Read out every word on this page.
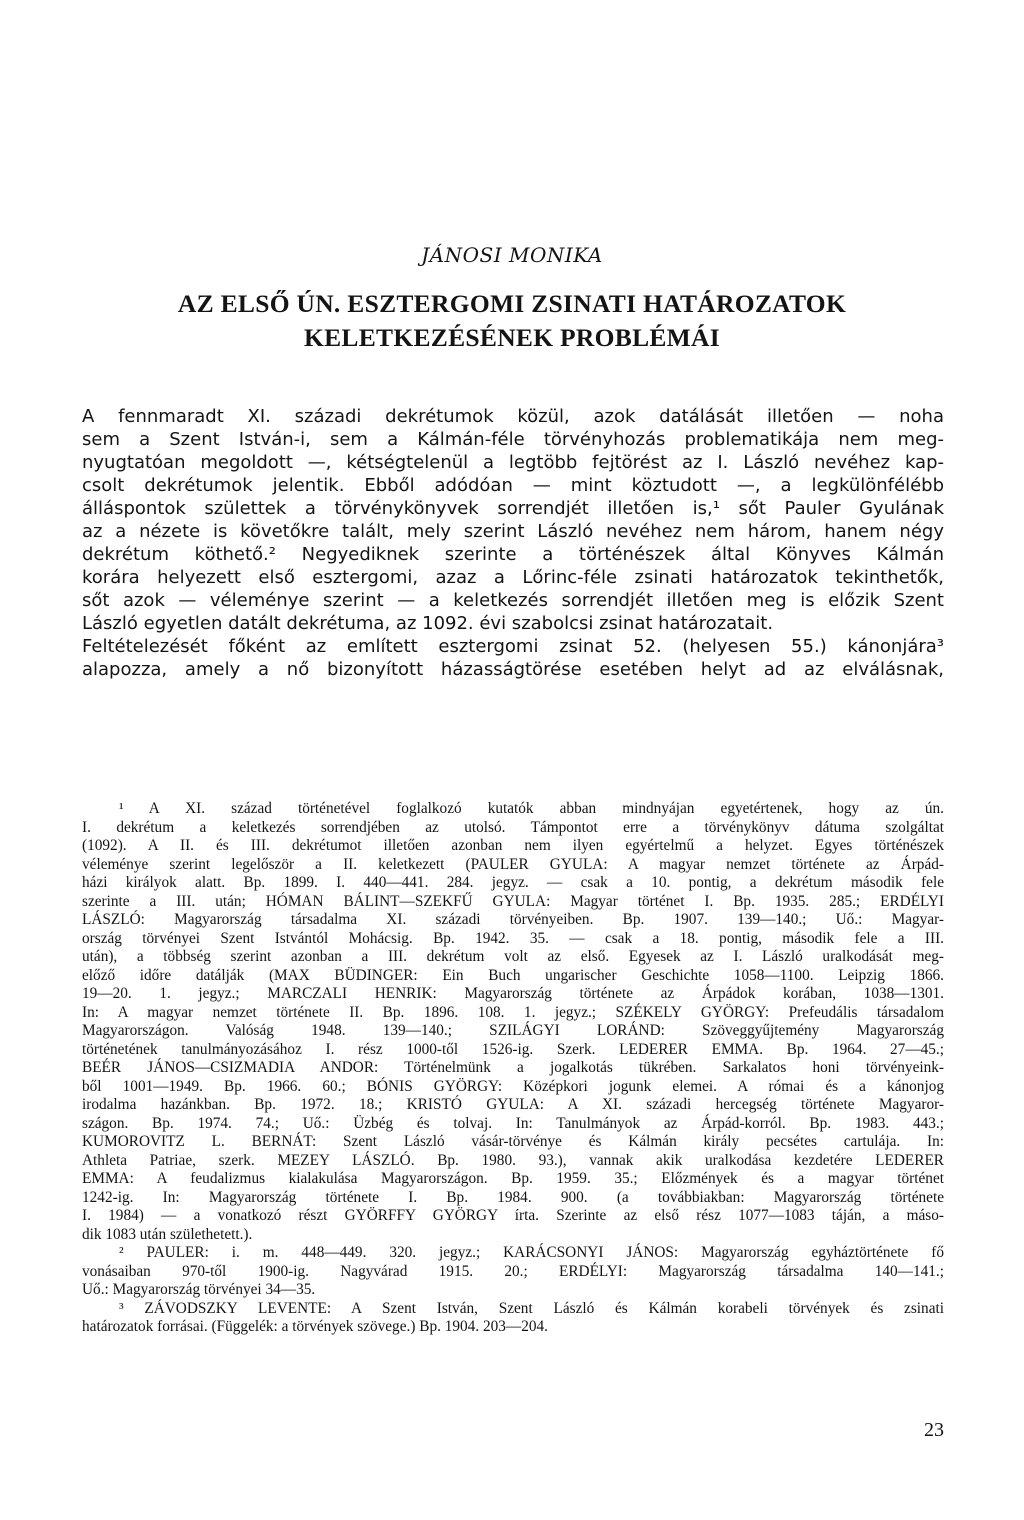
JÁNOSI MONIKA
AZ ELSŐ ÚN. ESZTERGOMI ZSINATI HATÁROZATOK
KELETKEZÉSÉNEK PROBLÉMÁI
A fennmaradt XI. századi dekrétumok közül, azok datálását illetően — noha
sem a Szent István-i, sem a Kálmán-féle törvényhozás problematikája nem meg-
nyugtatóan megoldott —, kétségtelenül a legtöbb fejtörést az I. László nevéhez kap-
csolt dekrétumok jelentik. Ebből adódóan — mint köztudott —, a legkülönfélébb
álláspontok születtek a törvénykönyvek sorrendjét illetően is,¹ sőt Pauler Gyulának
az a nézete is követőkre talált, mely szerint László nevéhez nem három, hanem négy
dekrétum köthető.² Negyediknek szerinte a történészek által Könyves Kálmán
korára helyezett első esztergomi, azaz a Lőrinc-féle zsinati határozatok tekinthetők,
sőt azok — véleménye szerint — a keletkezés sorrendjét illetően meg is előzik Szent
László egyetlen datált dekrétuma, az 1092. évi szabolcsi zsinat határozatait.
Feltételezését főként az említett esztergomi zsinat 52. (helyesen 55.) kánonjára³
alapozza, amely a nő bizonyított házasságtörése esetében helyt ad az elválásnak,
¹ A XI. század történetével foglalkozó kutatók abban mindnyájan egyetértenek, hogy az ún.
I. dekrétum a keletkezés sorrendjében az utolsó. Támpontot erre a törvénykönyv dátuma szolgáltat
(1092). A II. és III. dekrétumot illetően azonban nem ilyen egyértelmű a helyzet. Egyes történészek
véleménye szerint legelőször a II. keletkezett (PAULER GYULA: A magyar nemzet története az Árpád-
házi királyok alatt. Bp. 1899. I. 440—441. 284. jegyz. — csak a 10. pontig, a dekrétum második fele
szerinte a III. után; HÓMAN BÁLINT—SZEKFŰ GYULA: Magyar történet I. Bp. 1935. 285.; ERDÉLYI
LÁSZLÓ: Magyarország társadalma XI. századi törvényeiben. Bp. 1907. 139—140.; Uő.: Magyar-
ország törvényei Szent Istvántól Mohácsig. Bp. 1942. 35. — csak a 18. pontig, második fele a III.
után), a többség szerint azonban a III. dekrétum volt az első. Egyesek az I. László uralkodását meg-
előző időre datálják (MAX BÜDINGER: Ein Buch ungarischer Geschichte 1058—1100. Leipzig 1866.
19—20. 1. jegyz.; MARCZALI HENRIK: Magyarország története az Árpádok korában, 1038—1301.
In: A magyar nemzet története II. Bp. 1896. 108. 1. jegyz.; SZÉKELY GYÖRGY: Prefeudális társadalom
Magyarországon. Valóság 1948. 139—140.; SZILÁGYI LORÁND: Szöveggyűjtemény Magyarország
történetének tanulmányozásához I. rész 1000-től 1526-ig. Szerk. LEDERER EMMA. Bp. 1964. 27—45.;
BEÉR JÁNOS—CSIZMADIA ANDOR: Történelmünk a jogalkotás tükrében. Sarkalatos honi törvényeink-
ből 1001—1949. Bp. 1966. 60.; BÓNIS GYÖRGY: Középkori jogunk elemei. A római és a kánonjog
irodalma hazánkban. Bp. 1972. 18.; KRISTÓ GYULA: A XI. századi hercegség története Magyaror-
szágon. Bp. 1974. 74.; Uő.: Üzbég és tolvaj. In: Tanulmányok az Árpád-korról. Bp. 1983. 443.;
KUMOROVITZ L. BERNÁT: Szent László vásár-törvénye és Kálmán király pecsétes cartulája. In:
Athleta Patriae, szerk. MEZEY LÁSZLÓ. Bp. 1980. 93.), vannak akik uralkodása kezdetére LEDERER
EMMA: A feudalizmus kialakulása Magyarországon. Bp. 1959. 35.; Előzmények és a magyar történet
1242-ig. In: Magyarország története I. Bp. 1984. 900. (a továbbiakban: Magyarország története
I. 1984) — a vonatkozó részt GYÖRFFY GYÖRGY írta. Szerinte az első rész 1077—1083 táján, a máso-
dik 1083 után születhetett.).
² PAULER: i. m. 448—449. 320. jegyz.; KARÁCSONYI JÁNOS: Magyarország egyháztörténete fő
vonásaiban 970-től 1900-ig. Nagyvárad 1915. 20.; ERDÉLYI: Magyarország társadalma 140—141.;
Uő.: Magyarország törvényei 34—35.
³ ZÁVODSZKY LEVENTE: A Szent István, Szent László és Kálmán korabeli törvények és zsinati
határozatok forrásai. (Függelék: a törvények szövege.) Bp. 1904. 203—204.
23
